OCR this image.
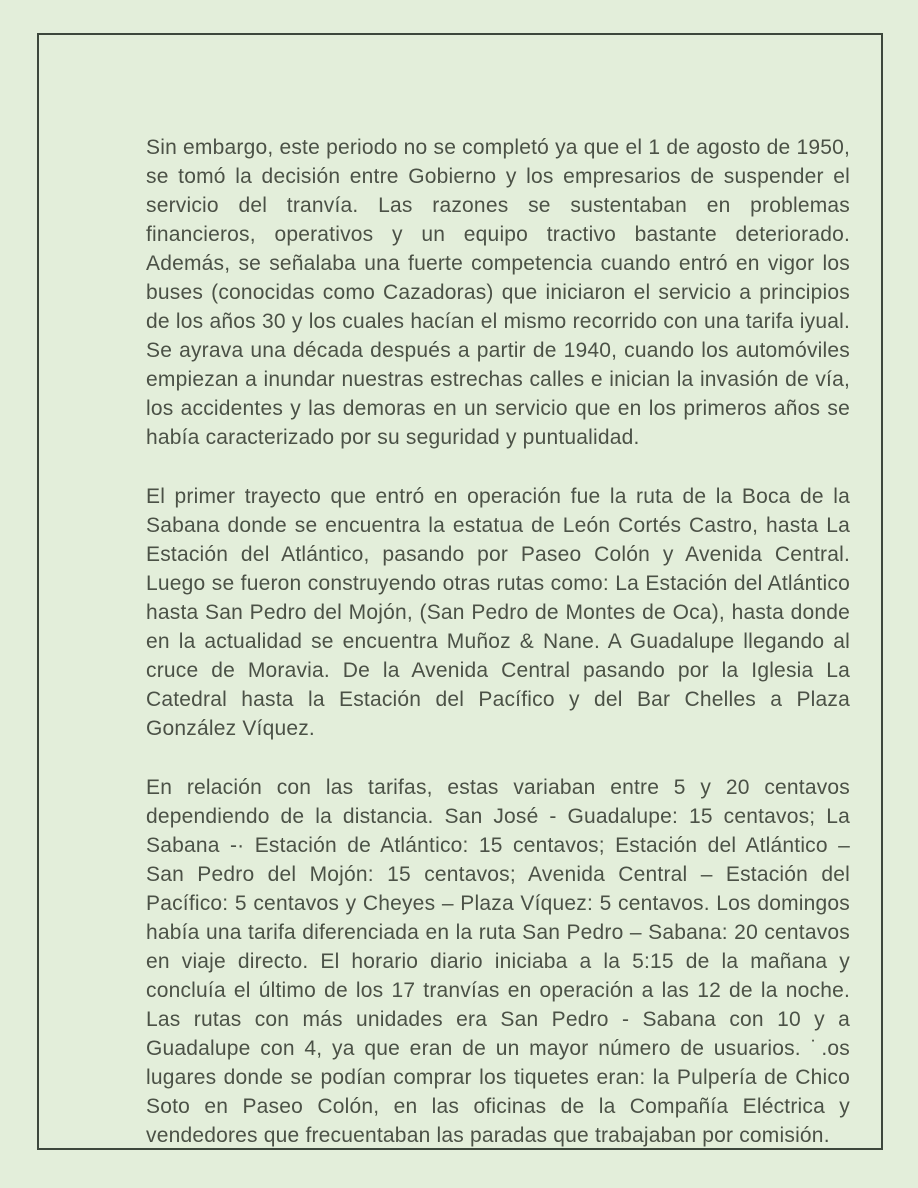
Sin embargo, este periodo no se completó ya que el 1 de agosto de 1950, se tomó la decisión entre Gobierno y los empresarios de suspender el servicio del tranvía. Las razones se sustentaban en problemas financieros, operativos y un equipo tractivo bastante deteriorado. Además, se señalaba una fuerte competencia cuando entró en vigor los buses (conocidas como Cazadoras) que iniciaron el servicio a principios de los años 30 y los cuales hacían el mismo recorrido con una tarifa iyual. Se ayrava una década después a partir de 1940, cuando los automóviles empiezan a inundar nuestras estrechas calles e inician la invasión de vía, los accidentes y las demoras en un servicio que en los primeros años se había caracterizado por su seguridad y puntualidad.

El primer trayecto que entró en operación fue la ruta de la Boca de la Sabana donde se encuentra la estatua de León Cortés Castro, hasta La Estación del Atlántico, pasando por Paseo Colón y Avenida Central. Luego se fueron construyendo otras rutas como: La Estación del Atlántico hasta San Pedro del Mojón, (San Pedro de Montes de Oca), hasta donde en la actualidad se encuentra Muñoz & Nane. A Guadalupe llegando al cruce de Moravia. De la Avenida Central pasando por la Iglesia La Catedral hasta la Estación del Pacífico y del Bar Chelles a Plaza González Víquez.

En relación con las tarifas, estas variaban entre 5 y 20 centavos dependiendo de la distancia. San José - Guadalupe: 15 centavos; La Sabana -· Estación de Atlántico: 15 centavos; Estación del Atlántico – San Pedro del Mojón: 15 centavos; Avenida Central – Estación del Pacífico: 5 centavos y Cheyes – Plaza Víquez: 5 centavos. Los domingos había una tarifa diferenciada en la ruta San Pedro – Sabana: 20 centavos en viaje directo. El horario diario iniciaba a la 5:15 de la mañana y concluía el último de los 17 tranvías en operación a las 12 de la noche. Las rutas con más unidades era San Pedro - Sabana con 10 y a Guadalupe con 4, ya que eran de un mayor número de usuarios. ˙.os lugares donde se podían comprar los tiquetes eran: la Pulpería de Chico Soto en Paseo Colón, en las oficinas de la Compañía Eléctrica y vendedores que frecuentaban las paradas que trabajaban por comisión.
